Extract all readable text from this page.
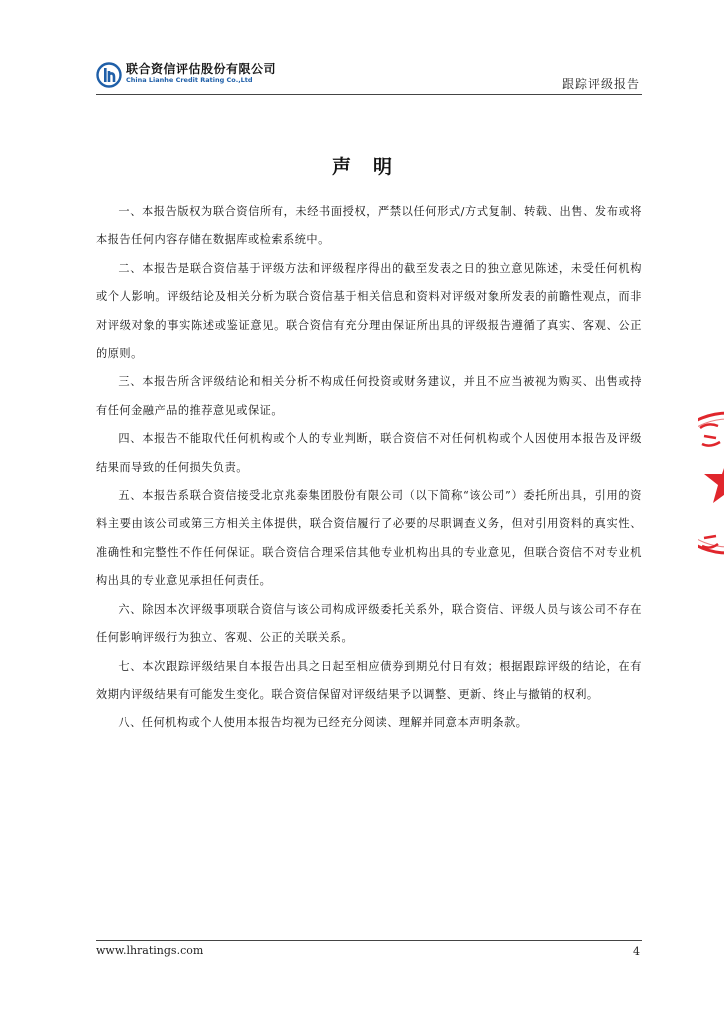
联合资信评估股份有限公司
China Lianhe Credit Rating Co.,Ltd	跟踪评级报告
声明

一、本报告版权为联合资信所有，未经书面授权，严禁以任何形式/方式复制、转载、出售、发布或将本报告任何内容存储在数据库或检索系统中。

二、本报告是联合资信基于评级方法和评级程序得出的截至发表之日的独立意见陈述，未受任何机构或个人影响。评级结论及相关分析为联合资信基于相关信息和资料对评级对象所发表的前瞻性观点，而非对评级对象的事实陈述或鉴证意见。联合资信有充分理由保证所出具的评级报告遵循了真实、客观、公正的原则。

三、本报告所含评级结论和相关分析不构成任何投资或财务建议，并且不应当被视为购买、出售或持有任何金融产品的推荐意见或保证。

四、本报告不能取代任何机构或个人的专业判断，联合资信不对任何机构或个人因使用本报告及评级结果而导致的任何损失负责。

五、本报告系联合资信接受北京兆泰集团股份有限公司（以下简称“该公司”）委托所出具，引用的资料主要由该公司或第三方相关主体提供，联合资信履行了必要的尽职调查义务，但对引用资料的真实性、准确性和完整性不作任何保证。联合资信合理采信其他专业机构出具的专业意见，但联合资信不对专业机构出具的专业意见承担任何责任。

六、除因本次评级事项联合资信与该公司构成评级委托关系外，联合资信、评级人员与该公司不存在任何影响评级行为独立、客观、公正的关联关系。

七、本次跟踪评级结果自本报告出具之日起至相应债券到期兑付日有效；根据跟踪评级的结论，在有效期内评级结果有可能发生变化。联合资信保留对评级结果予以调整、更新、终止与撤销的权利。

八、任何机构或个人使用本报告均视为已经充分阅读、理解并同意本声明条款。

www.lhratings.com	4
